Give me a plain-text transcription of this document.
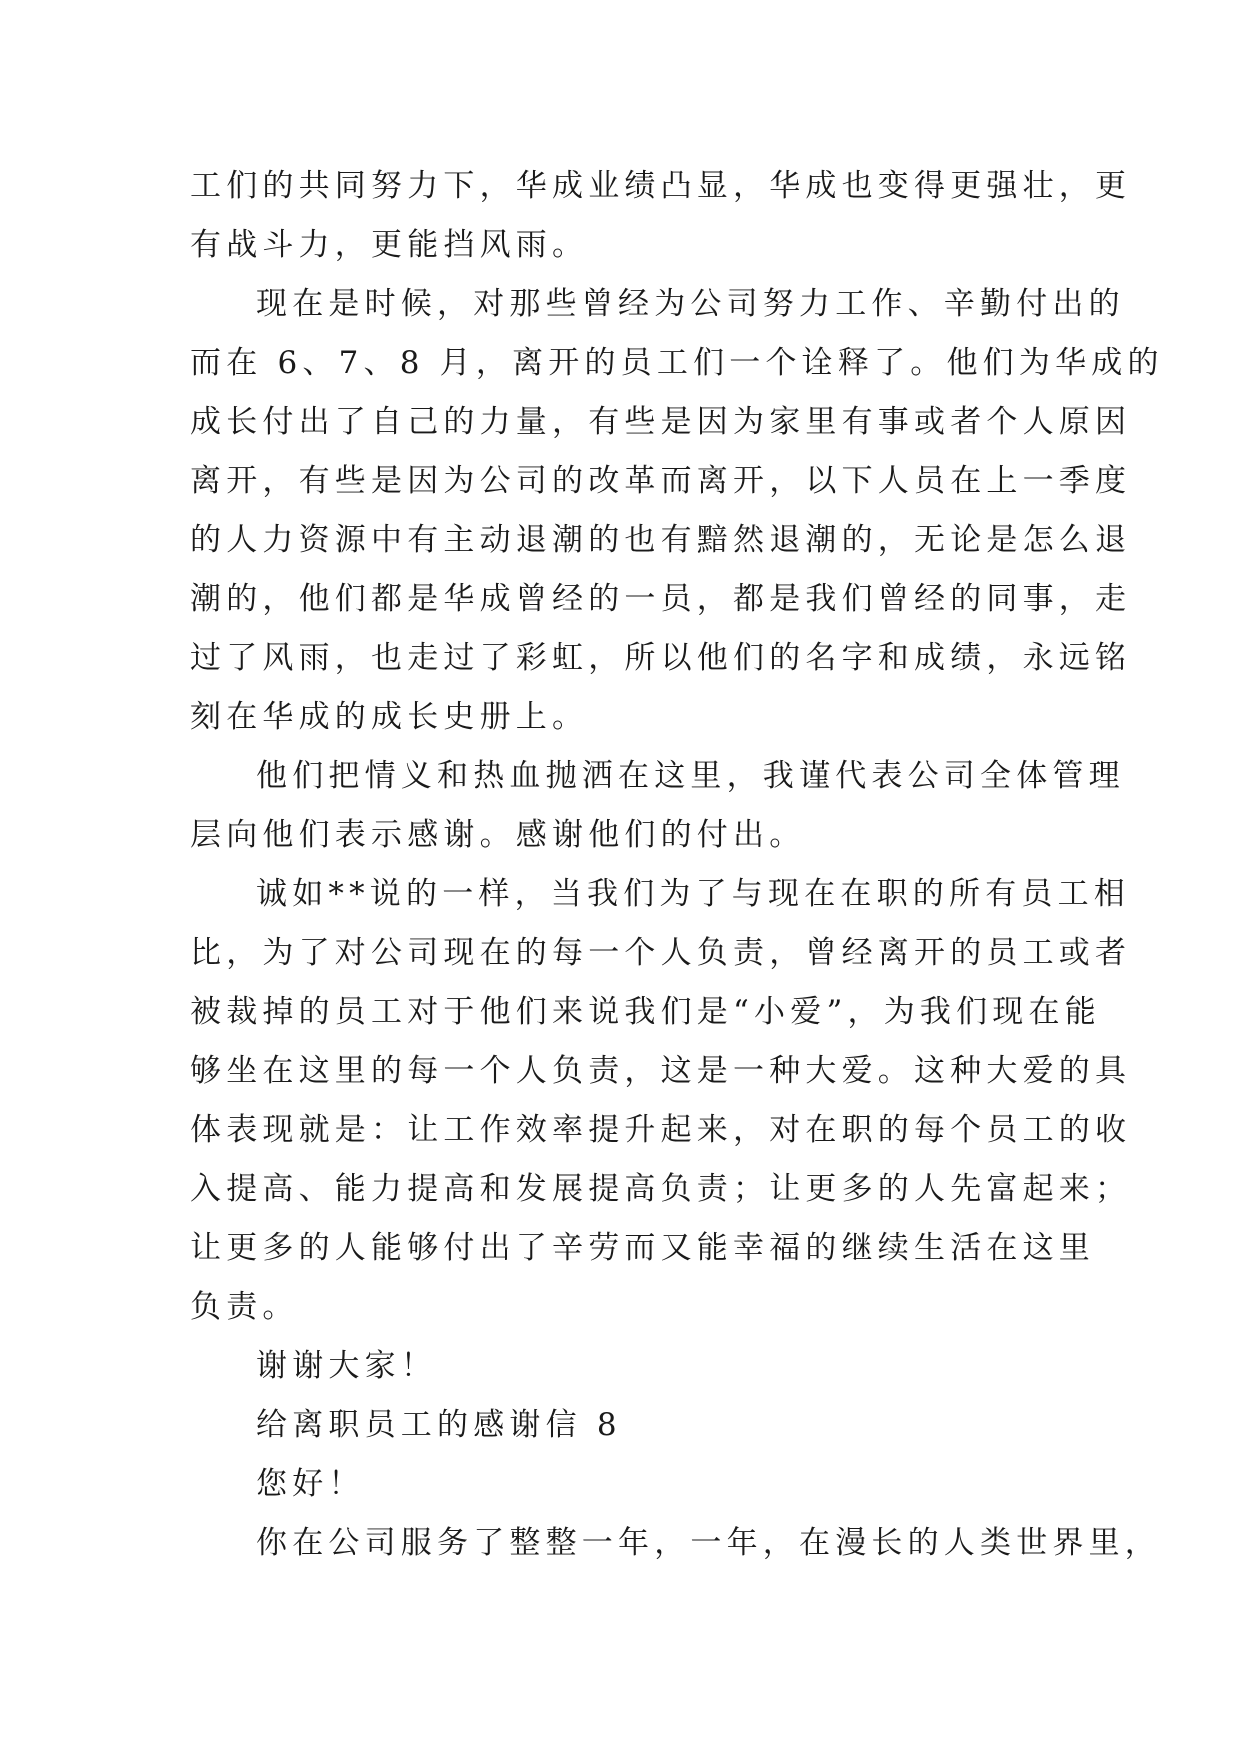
工们的共同努力下，华成业绩凸显，华成也变得更强壮，更
有战斗力，更能挡风雨。
现在是时候，对那些曾经为公司努力工作、辛勤付出的
而在 6、7、8 月，离开的员工们一个诠释了。他们为华成的
成长付出了自己的力量，有些是因为家里有事或者个人原因
离开，有些是因为公司的改革而离开，以下人员在上一季度
的人力资源中有主动退潮的也有黯然退潮的，无论是怎么退
潮的，他们都是华成曾经的一员，都是我们曾经的同事，走
过了风雨，也走过了彩虹，所以他们的名字和成绩，永远铭
刻在华成的成长史册上。
他们把情义和热血抛洒在这里，我谨代表公司全体管理
层向他们表示感谢。感谢他们的付出。
诚如**说的一样，当我们为了与现在在职的所有员工相
比，为了对公司现在的每一个人负责，曾经离开的员工或者
被裁掉的员工对于他们来说我们是“小爱”，为我们现在能
够坐在这里的每一个人负责，这是一种大爱。这种大爱的具
体表现就是：让工作效率提升起来，对在职的每个员工的收
入提高、能力提高和发展提高负责；让更多的人先富起来；
让更多的人能够付出了辛劳而又能幸福的继续生活在这里
负责。
谢谢大家！
给离职员工的感谢信 8
您好！
你在公司服务了整整一年，一年，在漫长的人类世界里，
